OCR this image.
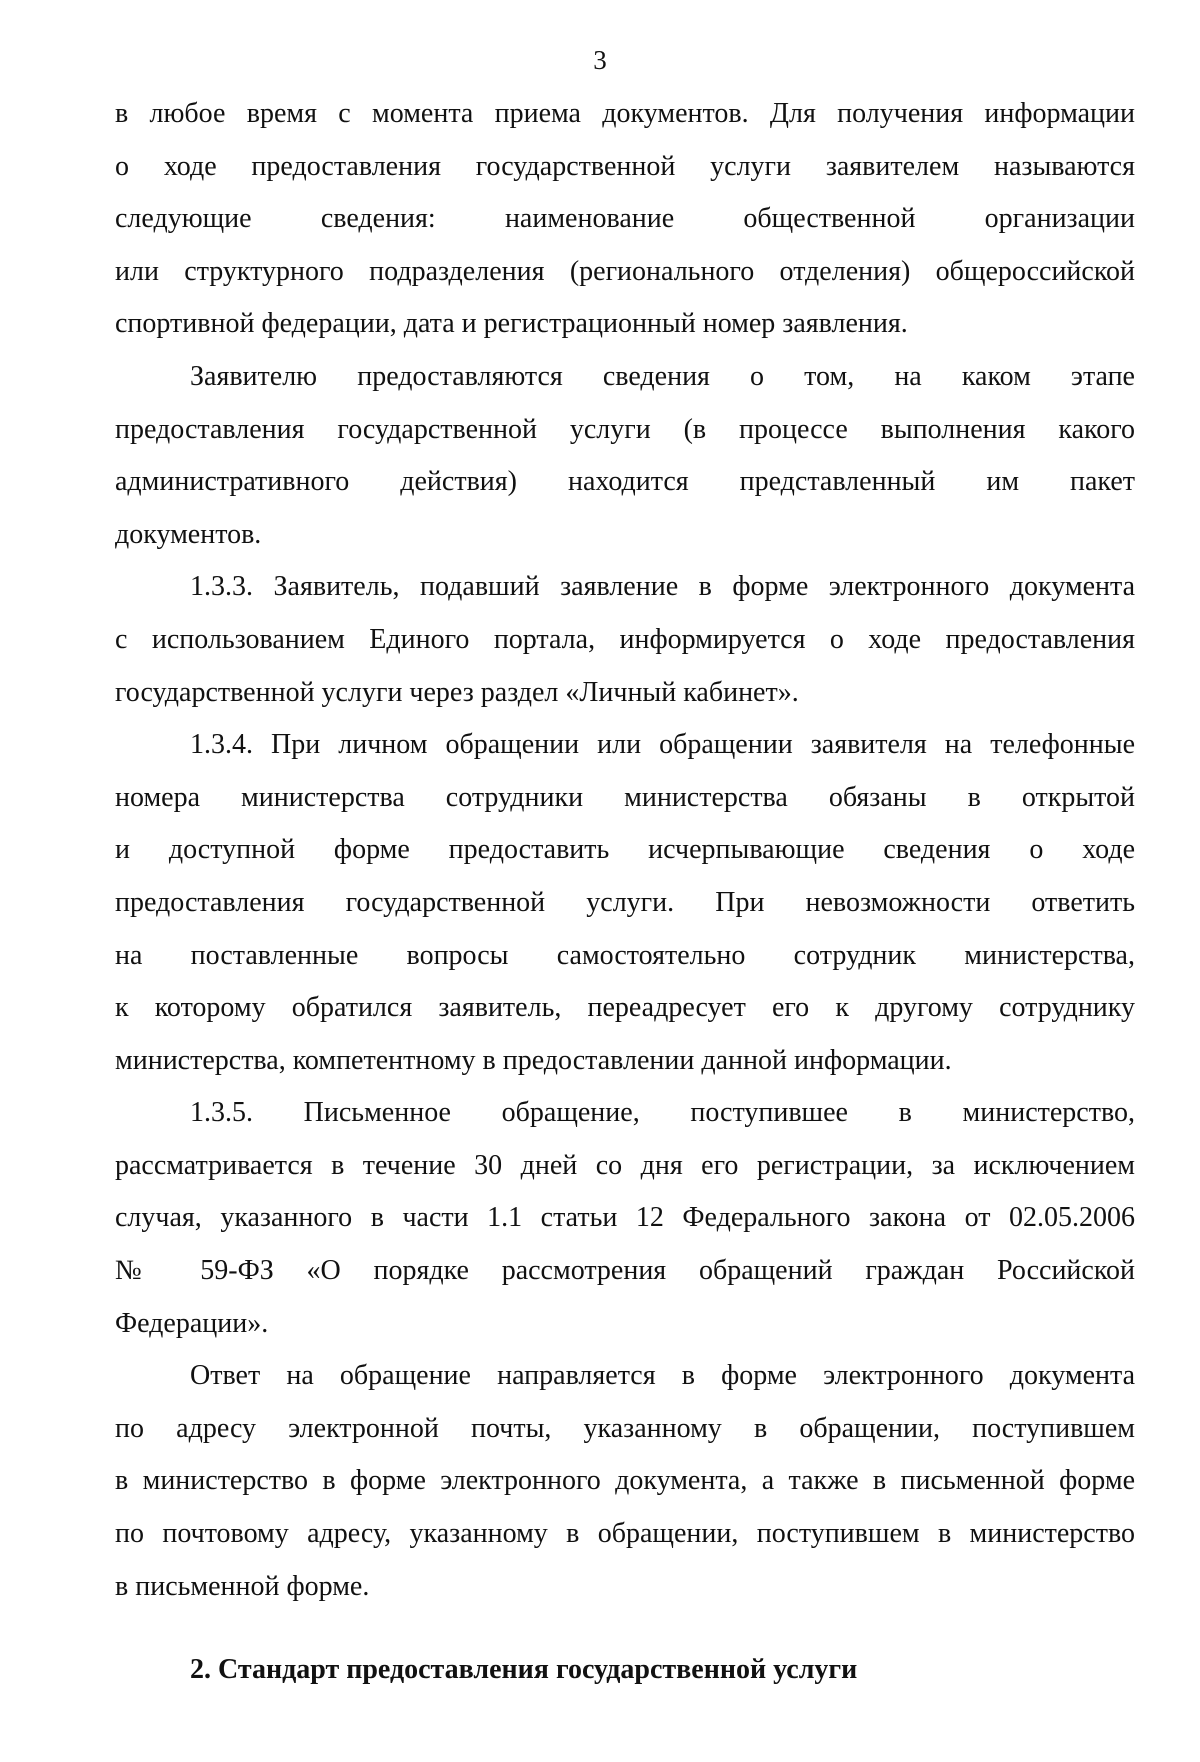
3

в любое время с момента приема документов. Для получения информации
о ходе предоставления государственной услуги заявителем называются
следующие сведения: наименование общественной организации
или структурного подразделения (регионального отделения) общероссийской
спортивной федерации, дата и регистрационный номер заявления.

Заявителю предоставляются сведения о том, на каком этапе
предоставления государственной услуги (в процессе выполнения какого
административного действия) находится представленный им пакет
документов.

1.3.3. Заявитель, подавший заявление в форме электронного документа
с использованием Единого портала, информируется о ходе предоставления
государственной услуги через раздел «Личный кабинет».

1.3.4. При личном обращении или обращении заявителя на телефонные
номера министерства сотрудники министерства обязаны в открытой
и доступной форме предоставить исчерпывающие сведения о ходе
предоставления государственной услуги. При невозможности ответить
на поставленные вопросы самостоятельно сотрудник министерства,
к которому обратился заявитель, переадресует его к другому сотруднику
министерства, компетентному в предоставлении данной информации.

1.3.5. Письменное обращение, поступившее в министерство,
рассматривается в течение 30 дней со дня его регистрации, за исключением
случая, указанного в части 1.1 статьи 12 Федерального закона от 02.05.2006
№ 59-ФЗ «О порядке рассмотрения обращений граждан Российской
Федерации».

Ответ на обращение направляется в форме электронного документа
по адресу электронной почты, указанному в обращении, поступившем
в министерство в форме электронного документа, а также в письменной форме
по почтовому адресу, указанному в обращении, поступившем в министерство
в письменной форме.

2. Стандарт предоставления государственной услуги
